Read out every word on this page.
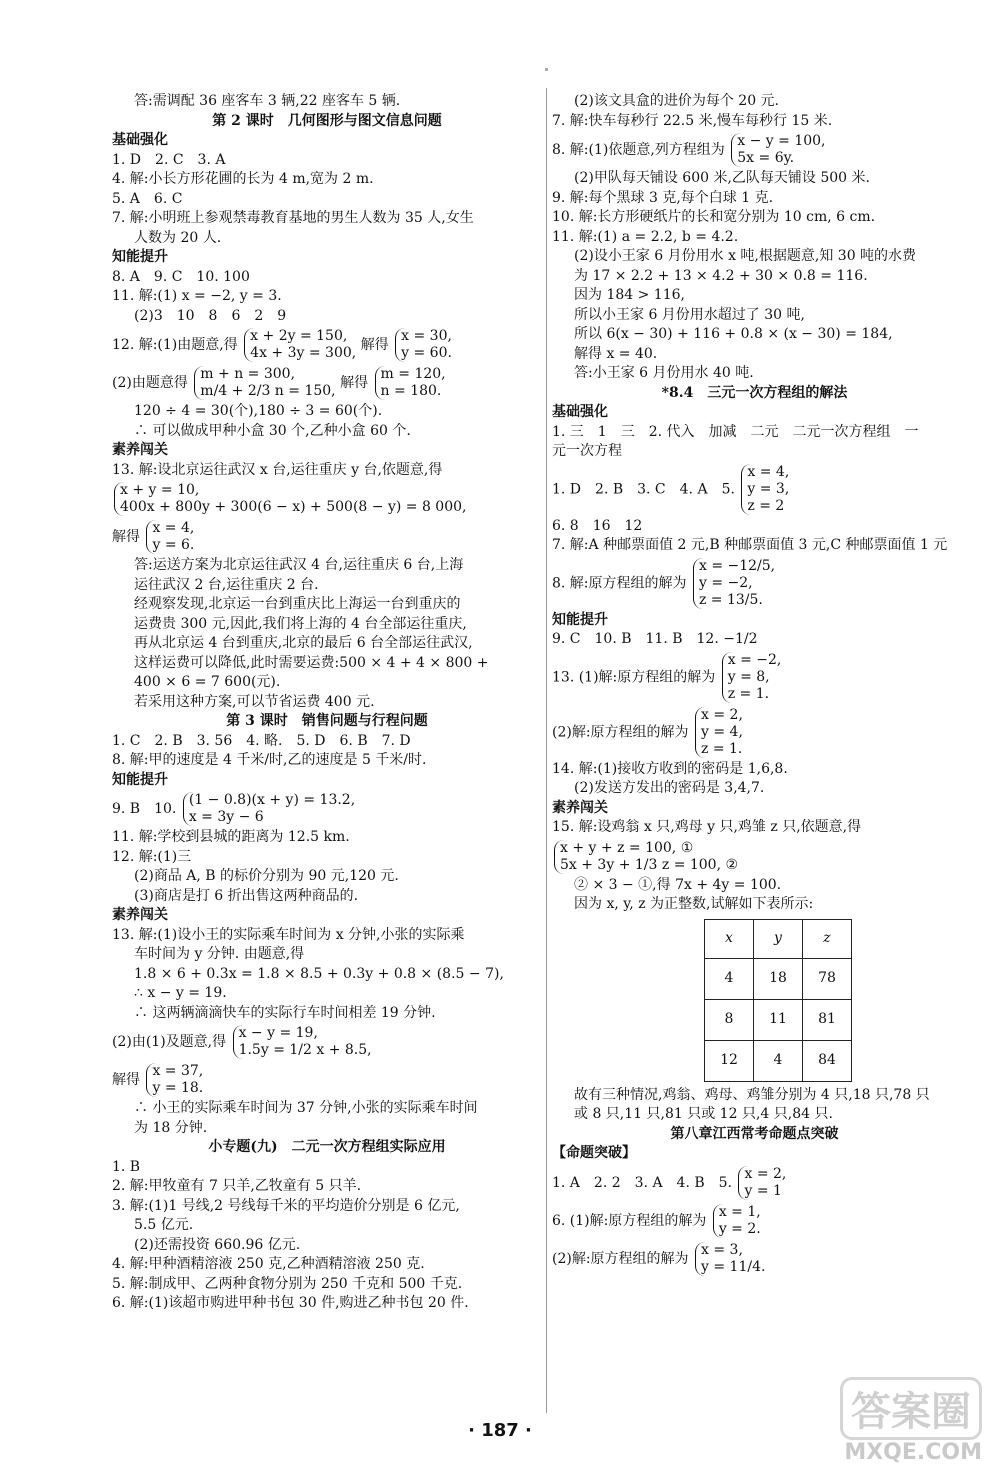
答:需调配 36 座客车 3 辆,22 座客车 5 辆.
第 2 课时　几何图形与图文信息问题
基础强化
1. D　2. C　3. A
4. 解:小长方形花圃的长为 4 m,宽为 2 m.
5. A　6. C
7. 解:小明班上参观禁毒教育基地的男生人数为 35 人,女生
人数为 20 人.
知能提升
8. A　9. C　10. 100
11. 解:(1) x = −2, y = 3.
(2)3　10　8　6　2　9
12. 解:(1)由题意,得
x + 2y = 150,
4x + 3y = 300, 解得
x = 30,
y = 60.
(2)由题意得
m + n = 300,
m/4 + 2/3 n = 150, 解得
m = 120,
n = 180.
120 ÷ 4 = 30(个),180 ÷ 3 = 60(个).
∴ 可以做成甲种小盒 30 个,乙种小盒 60 个.
素养闯关
13. 解:设北京运往武汉 x 台,运往重庆 y 台,依题意,得
x + y = 10,
400x + 800y + 300(6 − x) + 500(8 − y) = 8 000,
解得
x = 4,
y = 6.
答:运送方案为北京运往武汉 4 台,运往重庆 6 台,上海
运往武汉 2 台,运往重庆 2 台.
经观察发现,北京运一台到重庆比上海运一台到重庆的
运费贵 300 元,因此,我们将上海的 4 台全部运往重庆,
再从北京运 4 台到重庆,北京的最后 6 台全部运往武汉,
这样运费可以降低,此时需要运费:500 × 4 + 4 × 800 +
400 × 6 = 7 600(元).
若采用这种方案,可以节省运费 400 元.
第 3 课时　销售问题与行程问题
1. C　2. B　3. 56　4. 略.　5. D　6. B　7. D
8. 解:甲的速度是 4 千米/时,乙的速度是 5 千米/时.
知能提升
9. B　10.
(1 − 0.8)(x + y) = 13.2,
x = 3y − 6
11. 解:学校到县城的距离为 12.5 km.
12. 解:(1)三
(2)商品 A, B 的标价分别为 90 元,120 元.
(3)商店是打 6 折出售这两种商品的.
素养闯关
13. 解:(1)设小王的实际乘车时间为 x 分钟,小张的实际乘
车时间为 y 分钟. 由题意,得
1.8 × 6 + 0.3x = 1.8 × 8.5 + 0.3y + 0.8 × (8.5 − 7),
∴ x − y = 19.
∴ 这两辆滴滴快车的实际行车时间相差 19 分钟.
(2)由(1)及题意,得
x − y = 19,
1.5y = 1/2 x + 8.5,
解得
x = 37,
y = 18.
∴ 小王的实际乘车时间为 37 分钟,小张的实际乘车时间
为 18 分钟.
小专题(九)　二元一次方程组实际应用
1. B
2. 解:甲牧童有 7 只羊,乙牧童有 5 只羊.
3. 解:(1)1 号线,2 号线每千米的平均造价分别是 6 亿元,
5.5 亿元.
(2)还需投资 660.96 亿元.
4. 解:甲种酒精溶液 250 克,乙种酒精溶液 250 克.
5. 解:制成甲、乙两种食物分别为 250 千克和 500 千克.
6. 解:(1)该超市购进甲种书包 30 件,购进乙种书包 20 件.
(2)该文具盒的进价为每个 20 元.
7. 解:快车每秒行 22.5 米,慢车每秒行 15 米.
8. 解:(1)依题意,列方程组为
x − y = 100,
5x = 6y.
(2)甲队每天铺设 600 米,乙队每天铺设 500 米.
9. 解:每个黑球 3 克,每个白球 1 克.
10. 解:长方形硬纸片的长和宽分别为 10 cm, 6 cm.
11. 解:(1) a = 2.2, b = 4.2.
(2)设小王家 6 月份用水 x 吨,根据题意,知 30 吨的水费
为 17 × 2.2 + 13 × 4.2 + 30 × 0.8 = 116.
因为 184 > 116,
所以小王家 6 月份用水超过了 30 吨,
所以 6(x − 30) + 116 + 0.8 × (x − 30) = 184,
解得 x = 40.
答:小王家 6 月份用水 40 吨.
*8.4　三元一次方程组的解法
基础强化
1. 三　1　三　2. 代入　加减　二元　二元一次方程组　一
元一次方程
1. D　2. B　3. C　4. A　5.
x = 4,
y = 3,
z = 2
6. 8　16　12
7. 解:A 种邮票面值 2 元,B 种邮票面值 3 元,C 种邮票面值 1 元
8. 解:原方程组的解为
x = −12/5,
y = −2,
z = 13/5.
知能提升
9. C　10. B　11. B　12. −1/2
13. (1)解:原方程组的解为
x = −2,
y = 8,
z = 1.
(2)解:原方程组的解为
x = 2,
y = 4,
z = 1.
14. 解:(1)接收方收到的密码是 1,6,8.
(2)发送方发出的密码是 3,4,7.
素养闯关
15. 解:设鸡翁 x 只,鸡母 y 只,鸡雏 z 只,依题意,得
x + y + z = 100, ①
5x + 3y + 1/3 z = 100, ②
② × 3 − ①,得 7x + 4y = 100.
因为 x, y, z 为正整数,试解如下表所示:
x	y	z
4	18	78
8	11	81
12	4	84
故有三种情况,鸡翁、鸡母、鸡雏分别为 4 只,18 只,78 只
或 8 只,11 只,81 只或 12 只,4 只,84 只.
第八章江西常考命题点突破
【命题突破】
1. A　2. 2　3. A　4. B　5.
x = 2,
y = 1
6. (1)解:原方程组的解为
x = 1,
y = 2.
(2)解:原方程组的解为
x = 3,
y = 11/4.
· 187 ·	答案圈
MXQE.COM
